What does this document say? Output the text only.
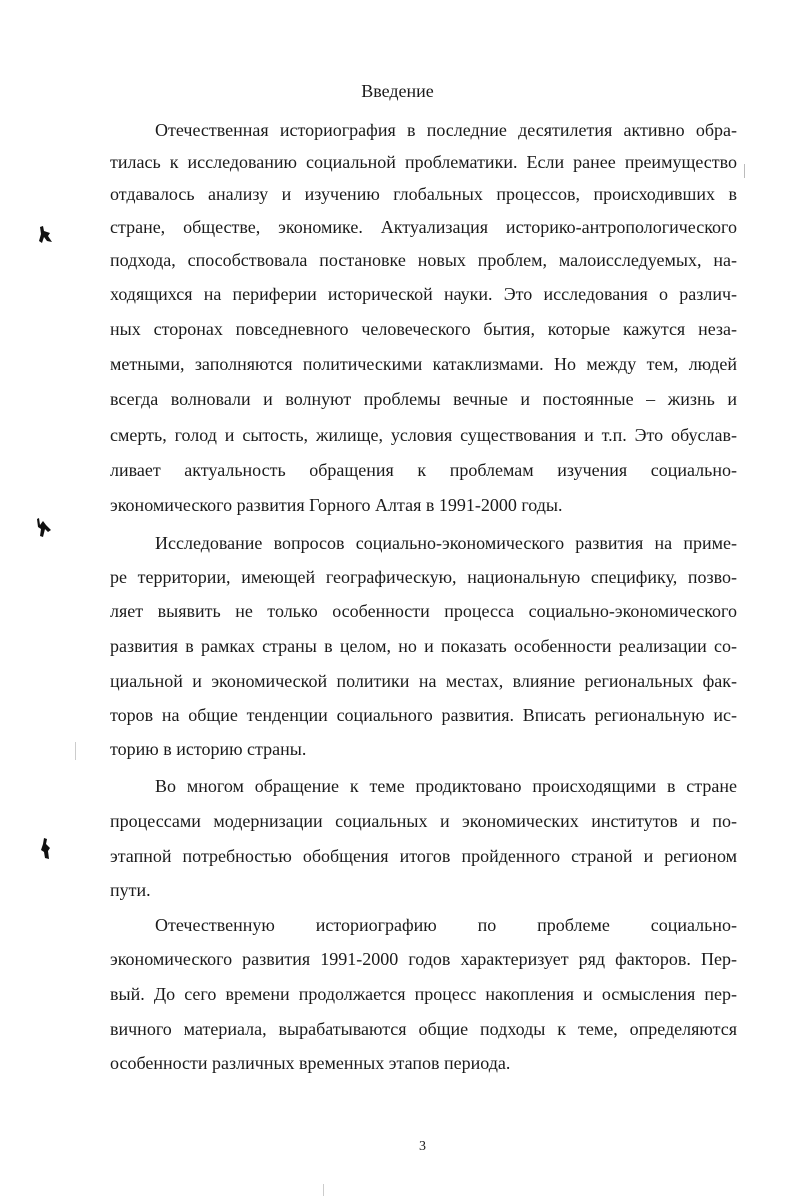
Введение
Отечественная историография в последние десятилетия активно обра-
тилась к исследованию социальной проблематики. Если ранее преимущество
отдавалось анализу и изучению глобальных процессов, происходивших в
стране, обществе, экономике. Актуализация историко-антропологического
подхода, способствовала постановке новых проблем, малоисследуемых, на-
ходящихся на периферии исторической науки. Это исследования о различ-
ных сторонах повседневного человеческого бытия, которые кажутся неза-
метными, заполняются политическими катаклизмами. Но между тем, людей
всегда волновали и волнуют проблемы вечные и постоянные – жизнь и
смерть, голод и сытость, жилище, условия существования и т.п. Это обуслав-
ливает актуальность обращения к проблемам изучения социально-
экономического развития Горного Алтая в 1991-2000 годы.
Исследование вопросов социально-экономического развития на приме-
ре территории, имеющей географическую, национальную специфику, позво-
ляет выявить не только особенности процесса социально-экономического
развития в рамках страны в целом, но и показать особенности реализации со-
циальной и экономической политики на местах, влияние региональных фак-
торов на общие тенденции социального развития. Вписать региональную ис-
торию в историю страны.
Во многом обращение к теме продиктовано происходящими в стране
процессами модернизации социальных и экономических институтов и по-
этапной потребностью обобщения итогов пройденного страной и регионом
пути.
Отечественную историографию по проблеме социально-
экономического развития 1991-2000 годов характеризует ряд факторов. Пер-
вый. До сего времени продолжается процесс накопления и осмысления пер-
вичного материала, вырабатываются общие подходы к теме, определяются
особенности различных временных этапов периода.
3
